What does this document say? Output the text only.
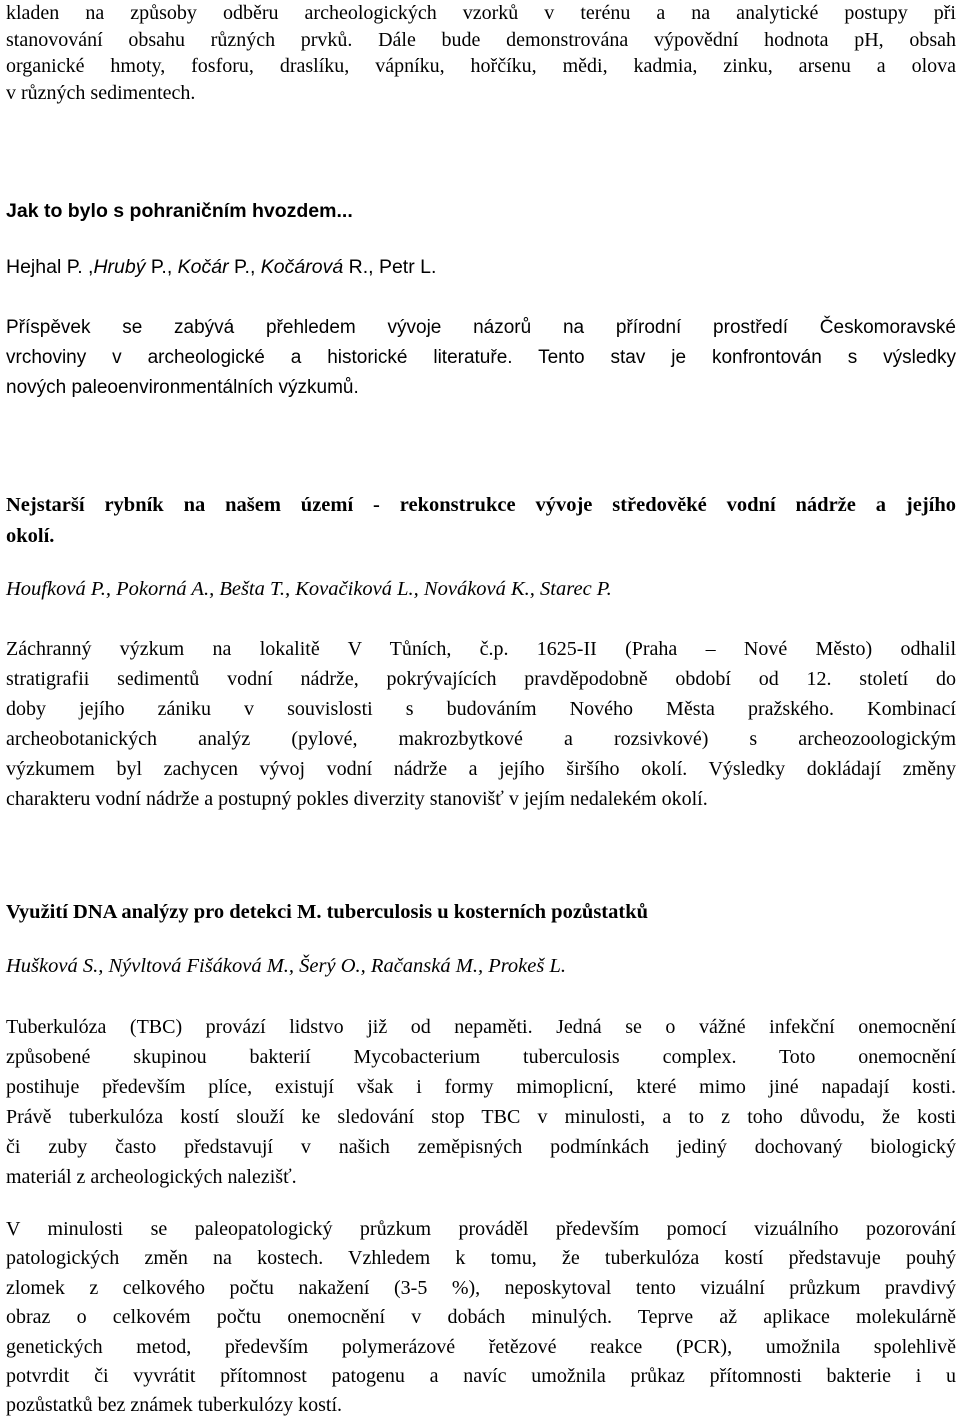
kladen na způsoby odběru archeologických vzorků v terénu a na analytické postupy při
stanovování obsahu různých prvků. Dále bude demonstrována výpovědní hodnota pH, obsah
organické hmoty, fosforu, draslíku, vápníku, hořčíku, mědi, kadmia, zinku, arsenu a olova
v různých sedimentech.

Jak to bylo s pohraničním hvozdem...

Hejhal P. ,Hrubý P., Kočár P., Kočárová R., Petr L.

Příspěvek se zabývá přehledem vývoje názorů na přírodní prostředí Českomoravské
vrchoviny v archeologické a historické literatuře. Tento stav je konfrontován s výsledky
nových paleoenvironmentálních výzkumů.

Nejstarší rybník na našem území - rekonstrukce vývoje středověké vodní nádrže a jejího
okolí.

Houfková P., Pokorná A., Bešta T., Kovačiková L., Nováková K., Starec P.

Záchranný výzkum na lokalitě V Tůních, č.p. 1625-II (Praha – Nové Město) odhalil
stratigrafii sedimentů vodní nádrže, pokrývajících pravděpodobně období od 12. století do
doby jejího zániku v souvislosti s budováním Nového Města pražského. Kombinací
archeobotanických analýz (pylové, makrozbytkové a rozsivkové) s archeozoologickým
výzkumem byl zachycen vývoj vodní nádrže a jejího širšího okolí. Výsledky dokládají změny
charakteru vodní nádrže a postupný pokles diverzity stanovišť v jejím nedalekém okolí.

Využití DNA analýzy pro detekci M. tuberculosis u kosterních pozůstatků

Hušková S., Nývltová Fišáková M., Šerý O., Račanská M., Prokeš L.

Tuberkulóza (TBC) provází lidstvo již od nepaměti. Jedná se o vážné infekční onemocnění
způsobené skupinou bakterií Mycobacterium tuberculosis complex. Toto onemocnění
postihuje především plíce, existují však i formy mimoplicní, které mimo jiné napadají kosti.
Právě tuberkulóza kostí slouží ke sledování stop TBC v minulosti, a to z toho důvodu, že kosti
či zuby často představují v našich zeměpisných podmínkách jediný dochovaný biologický
materiál z archeologických nalezišť.

V minulosti se paleopatologický průzkum prováděl především pomocí vizuálního pozorování
patologických změn na kostech. Vzhledem k tomu, že tuberkulóza kostí představuje pouhý
zlomek z celkového počtu nakažení (3-5 %), neposkytoval tento vizuální průzkum pravdivý
obraz o celkovém počtu onemocnění v dobách minulých. Teprve až aplikace molekulárně
genetických metod, především polymerázové řetězové reakce (PCR), umožnila spolehlivě
potvrdit či vyvrátit přítomnost patogenu a navíc umožnila průkaz přítomnosti bakterie i u
pozůstatků bez známek tuberkulózy kostí.
